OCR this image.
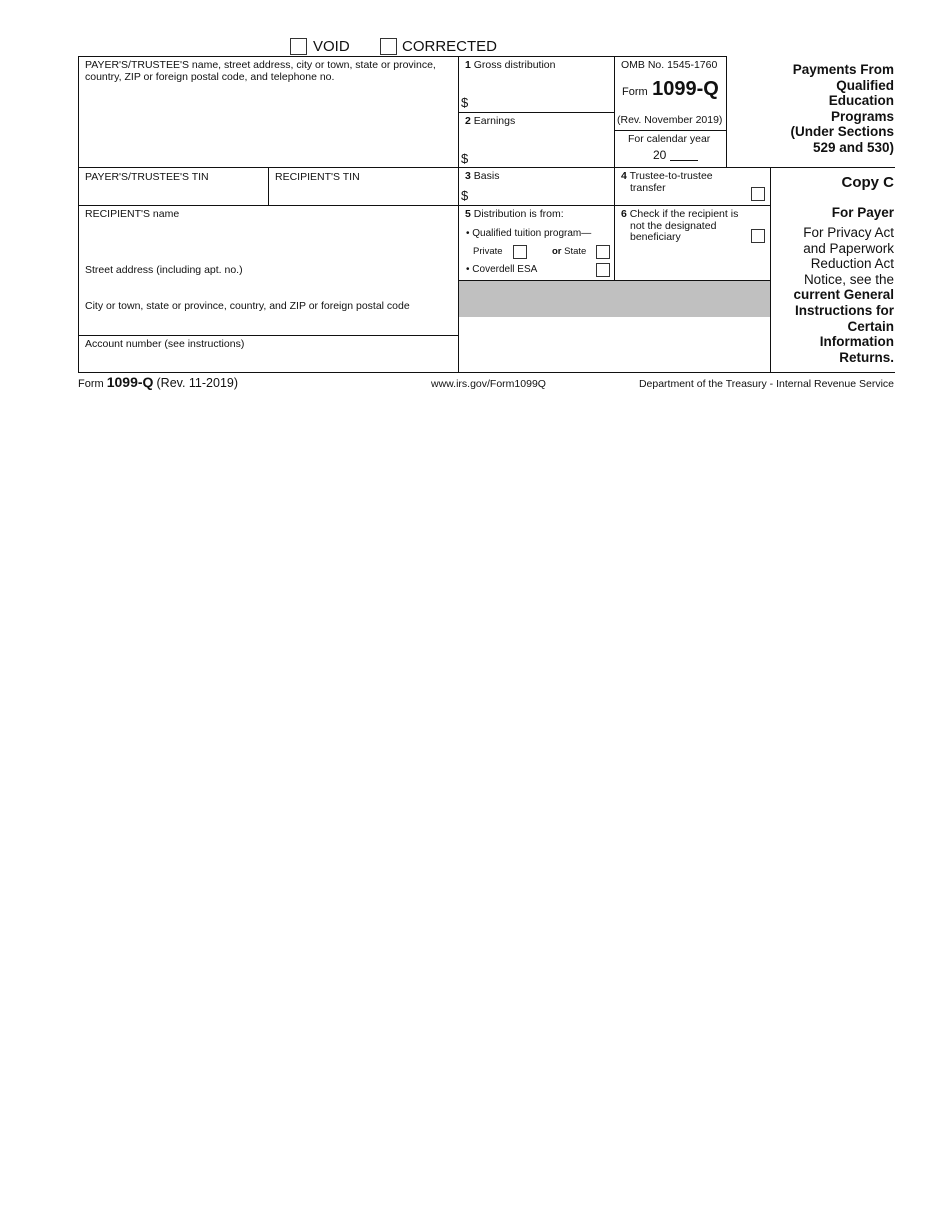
VOID	CORRECTED
PAYER'S/TRUSTEE'S name, street address, city or town, state or province,
country, ZIP or foreign postal code, and telephone no.
PAYER'S/TRUSTEE'S TIN	RECIPIENT'S TIN
RECIPIENT'S name
Street address (including apt. no.)
City or town, state or province, country, and ZIP or foreign postal code
Account number (see instructions)
1 Gross distribution
$
2 Earnings
$
3 Basis
$
5 Distribution is from:
• Qualified tuition program—
Private	or State
• Coverdell ESA
4 Trustee-to-trustee
transfer
6 Check if the recipient is
not the designated
beneficiary
OMB No. 1545-1760
Form 1099-Q
(Rev. November 2019)
For calendar year
20
Payments From
Qualified
Education
Programs
(Under Sections
529 and 530)
Copy C
For Payer
For Privacy Act
and Paperwork
Reduction Act
Notice, see the
current General
Instructions for
Certain
Information
Returns.
Form 1099-Q (Rev. 11-2019)	www.irs.gov/Form1099Q	Department of the Treasury - Internal Revenue Service
